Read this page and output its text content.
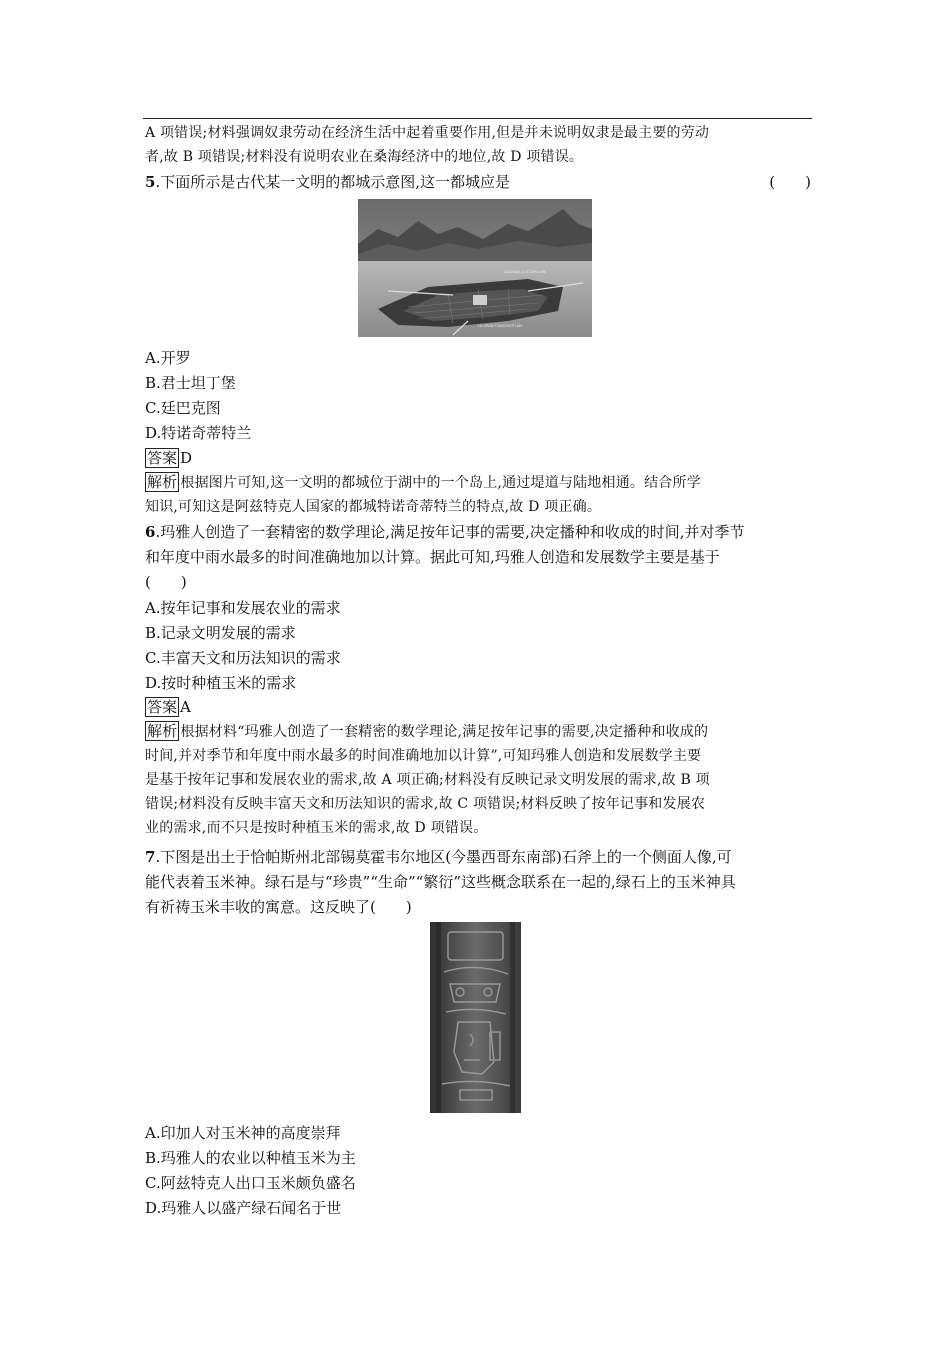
A 项错误;材料强调奴隶劳动在经济生活中起着重要作用,但是并未说明奴隶是最主要的劳动
者,故 B 项错误;材料没有说明农业在桑海经济中的地位,故 D 项错误。
5.下面所示是古代某一文明的都城示意图,这一都城应是	(　　)
CALZADA A IZTAPALAPA
LA GRAN TENOCHTITLAN
A.开罗
B.君士坦丁堡
C.廷巴克图
D.特诺奇蒂特兰
答案 D
解析 根据图片可知,这一文明的都城位于湖中的一个岛上,通过堤道与陆地相通。结合所学
知识,可知这是阿兹特克人国家的都城特诺奇蒂特兰的特点,故 D 项正确。
6.玛雅人创造了一套精密的数学理论,满足按年记事的需要,决定播种和收成的时间,并对季节
和年度中雨水最多的时间准确地加以计算。据此可知,玛雅人创造和发展数学主要是基于
(　　)
A.按年记事和发展农业的需求
B.记录文明发展的需求
C.丰富天文和历法知识的需求
D.按时种植玉米的需求
答案 A
解析 根据材料“玛雅人创造了一套精密的数学理论,满足按年记事的需要,决定播种和收成的
时间,并对季节和年度中雨水最多的时间准确地加以计算”,可知玛雅人创造和发展数学主要
是基于按年记事和发展农业的需求,故 A 项正确;材料没有反映记录文明发展的需求,故 B 项
错误;材料没有反映丰富天文和历法知识的需求,故 C 项错误;材料反映了按年记事和发展农
业的需求,而不只是按时种植玉米的需求,故 D 项错误。
7.下图是出土于恰帕斯州北部锡莫霍韦尔地区(今墨西哥东南部)石斧上的一个侧面人像,可
能代表着玉米神。绿石是与“珍贵”“生命”“繁衍”这些概念联系在一起的,绿石上的玉米神具
有祈祷玉米丰收的寓意。这反映了(　　)
A.印加人对玉米神的高度崇拜
B.玛雅人的农业以种植玉米为主
C.阿兹特克人出口玉米颇负盛名
D.玛雅人以盛产绿石闻名于世
